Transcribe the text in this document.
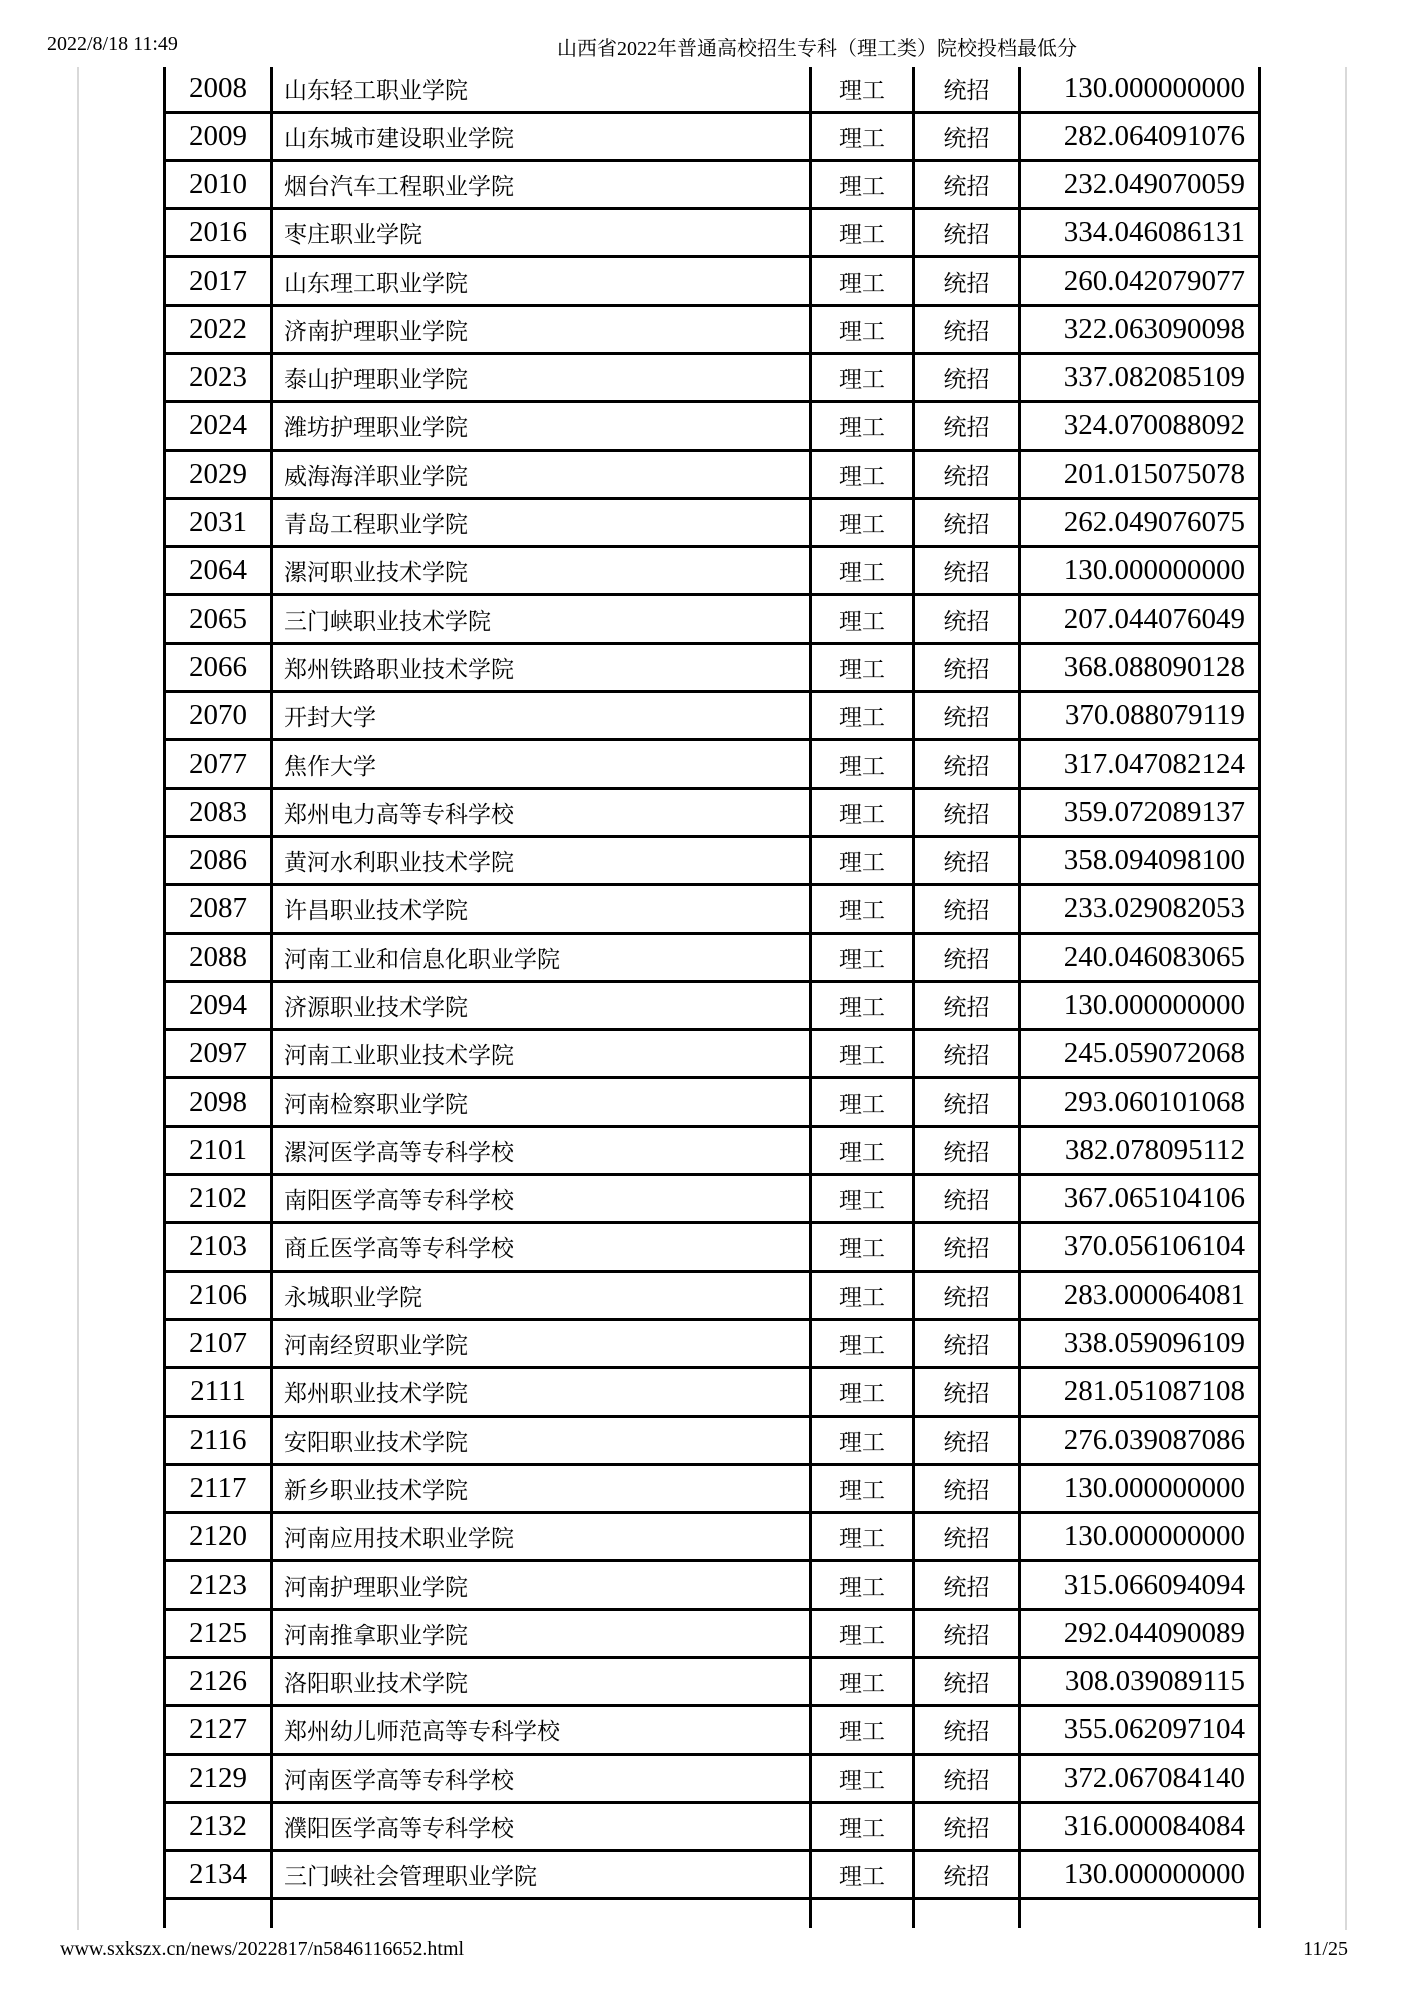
2022/8/18 11:49	山西省2022年普通高校招生专科（理工类）院校投档最低分
2008	山东轻工职业学院	理工	统招	130.000000000
2009	山东城市建设职业学院	理工	统招	282.064091076
2010	烟台汽车工程职业学院	理工	统招	232.049070059
2016	枣庄职业学院	理工	统招	334.046086131
2017	山东理工职业学院	理工	统招	260.042079077
2022	济南护理职业学院	理工	统招	322.063090098
2023	泰山护理职业学院	理工	统招	337.082085109
2024	潍坊护理职业学院	理工	统招	324.070088092
2029	威海海洋职业学院	理工	统招	201.015075078
2031	青岛工程职业学院	理工	统招	262.049076075
2064	漯河职业技术学院	理工	统招	130.000000000
2065	三门峡职业技术学院	理工	统招	207.044076049
2066	郑州铁路职业技术学院	理工	统招	368.088090128
2070	开封大学	理工	统招	370.088079119
2077	焦作大学	理工	统招	317.047082124
2083	郑州电力高等专科学校	理工	统招	359.072089137
2086	黄河水利职业技术学院	理工	统招	358.094098100
2087	许昌职业技术学院	理工	统招	233.029082053
2088	河南工业和信息化职业学院	理工	统招	240.046083065
2094	济源职业技术学院	理工	统招	130.000000000
2097	河南工业职业技术学院	理工	统招	245.059072068
2098	河南检察职业学院	理工	统招	293.060101068
2101	漯河医学高等专科学校	理工	统招	382.078095112
2102	南阳医学高等专科学校	理工	统招	367.065104106
2103	商丘医学高等专科学校	理工	统招	370.056106104
2106	永城职业学院	理工	统招	283.000064081
2107	河南经贸职业学院	理工	统招	338.059096109
2111	郑州职业技术学院	理工	统招	281.051087108
2116	安阳职业技术学院	理工	统招	276.039087086
2117	新乡职业技术学院	理工	统招	130.000000000
2120	河南应用技术职业学院	理工	统招	130.000000000
2123	河南护理职业学院	理工	统招	315.066094094
2125	河南推拿职业学院	理工	统招	292.044090089
2126	洛阳职业技术学院	理工	统招	308.039089115
2127	郑州幼儿师范高等专科学校	理工	统招	355.062097104
2129	河南医学高等专科学校	理工	统招	372.067084140
2132	濮阳医学高等专科学校	理工	统招	316.000084084
2134	三门峡社会管理职业学院	理工	统招	130.000000000

www.sxkszx.cn/news/2022817/n5846116652.html	11/25
